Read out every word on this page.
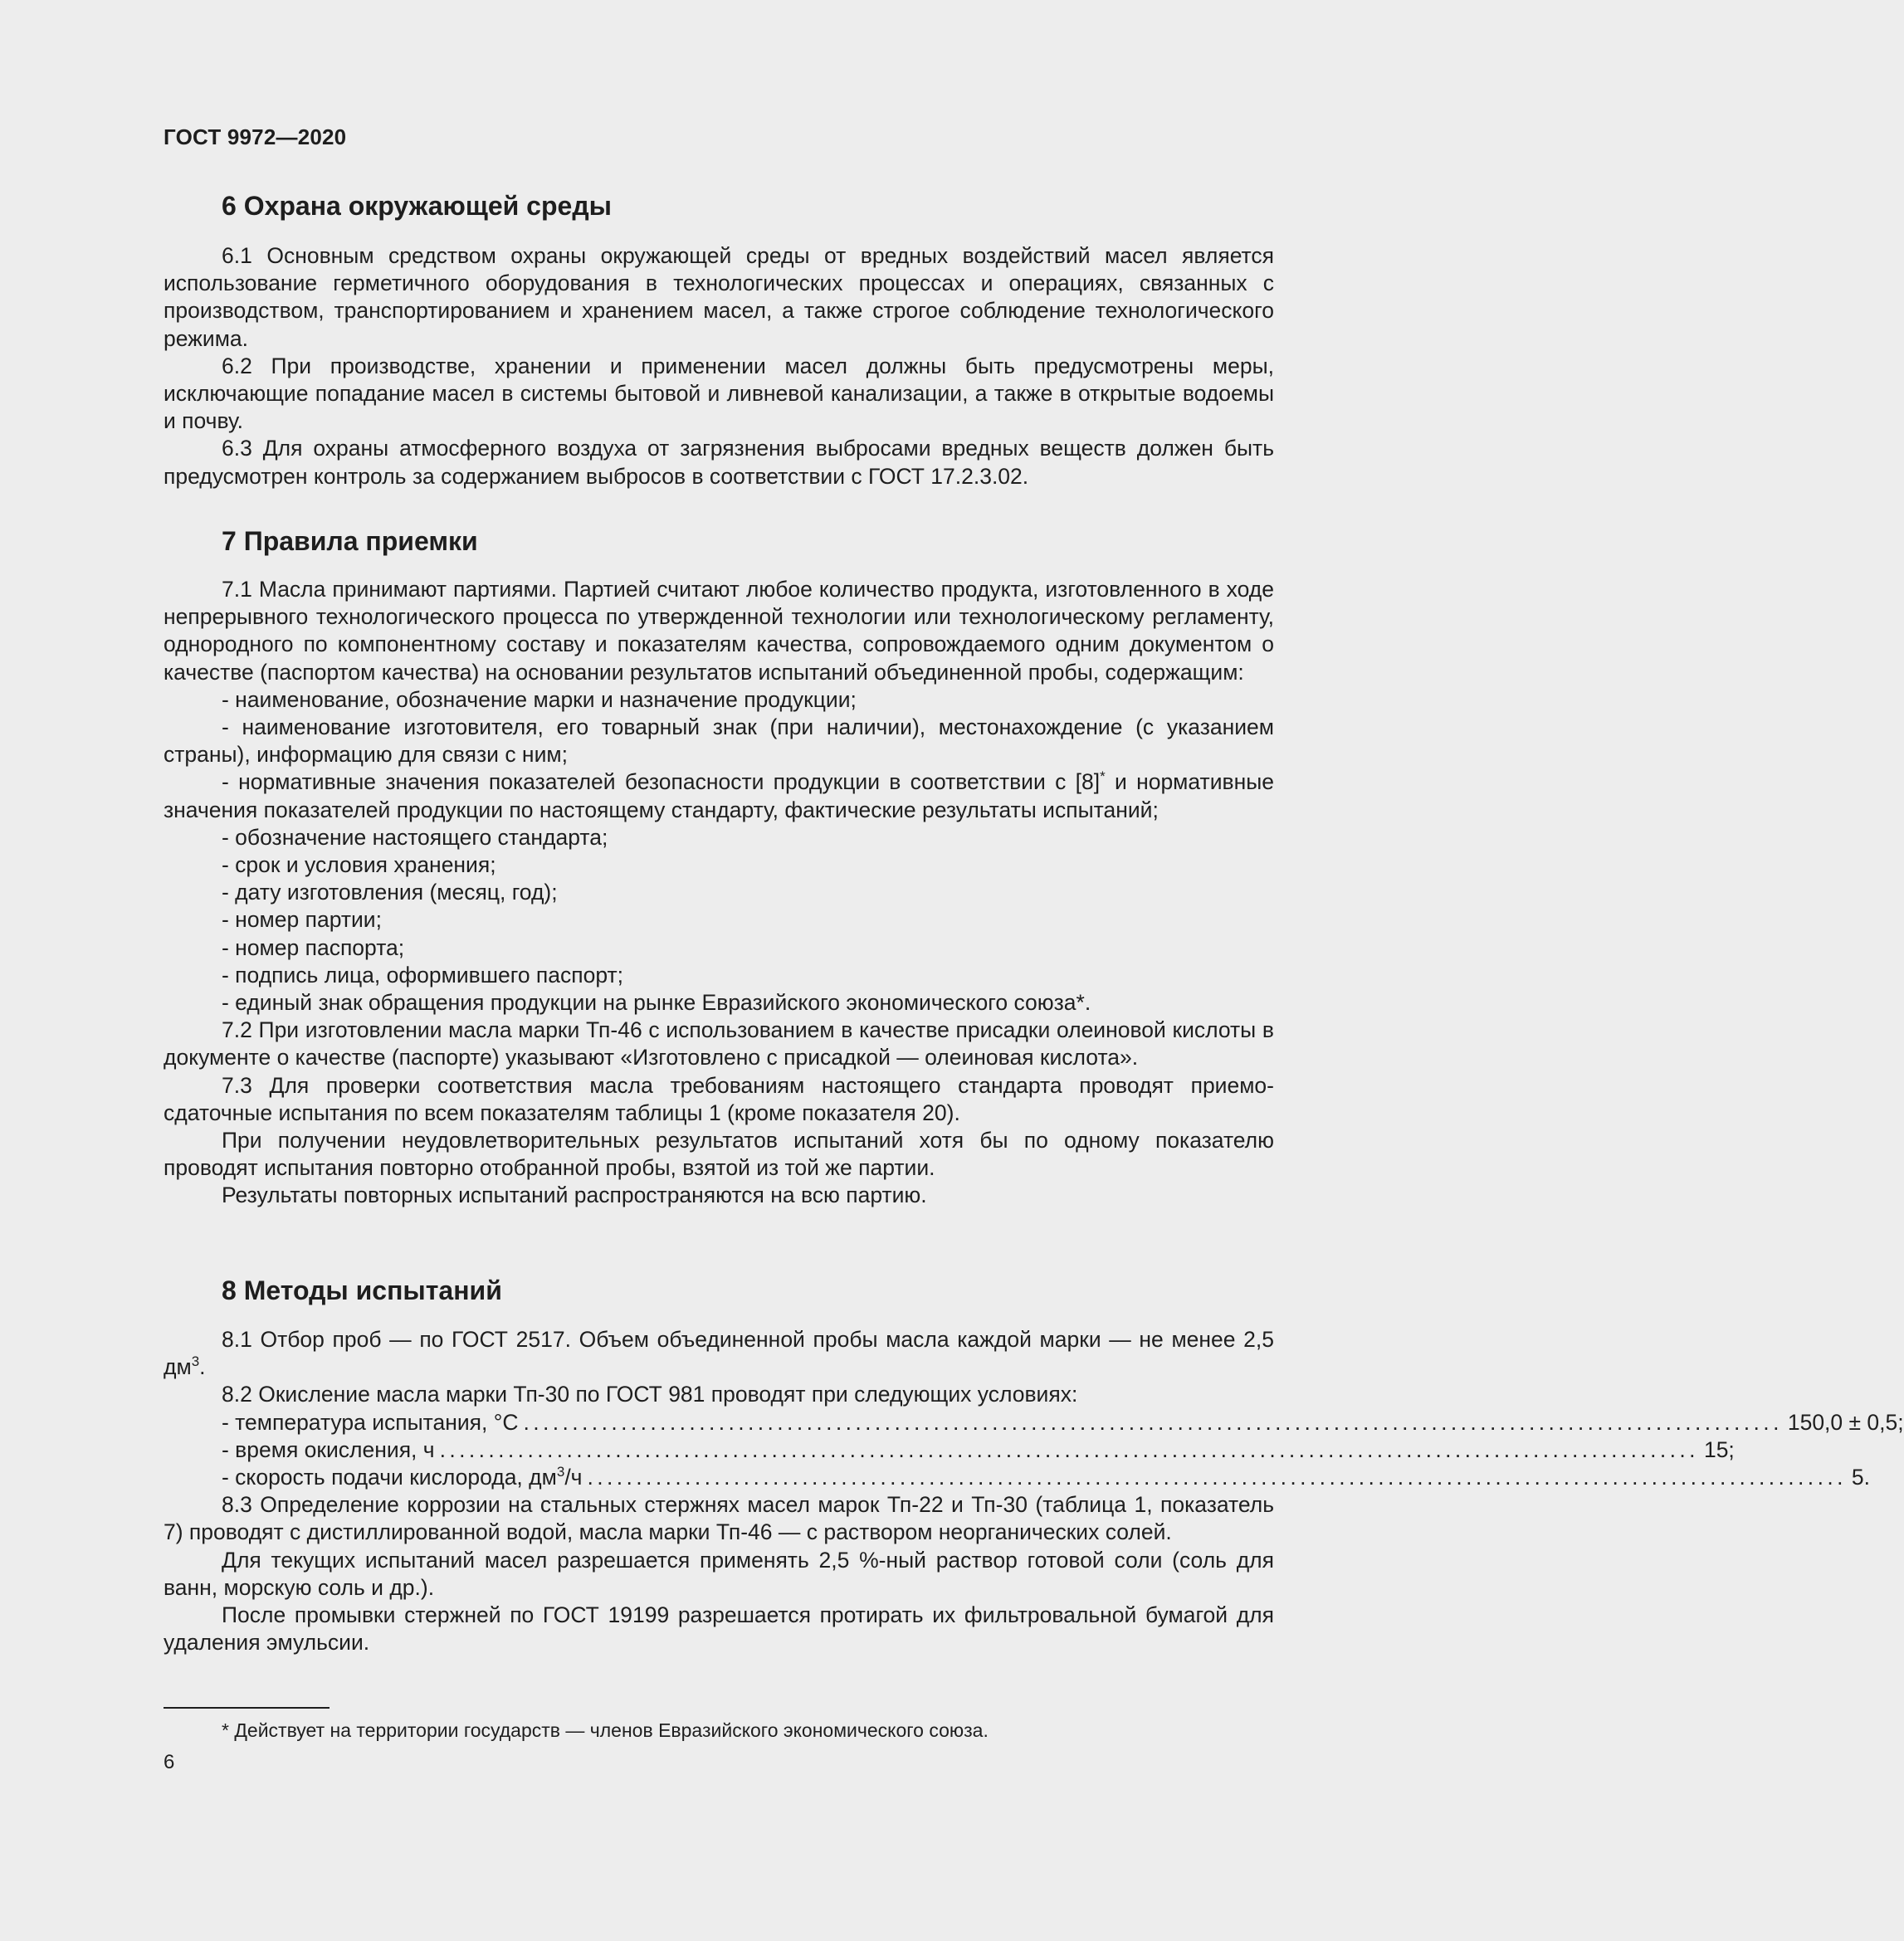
ГОСТ 9972—2020
6 Охрана окружающей среды

6.1 Основным средством охраны окружающей среды от вредных воздействий масел является использование герметичного оборудования в технологических процессах и операциях, связанных с производством, транспортированием и хранением масел, а также строгое соблюдение технологического режима.

6.2 При производстве, хранении и применении масел должны быть предусмотрены меры, исключающие попадание масел в системы бытовой и ливневой канализации, а также в открытые водоемы и почву.

6.3 Для охраны атмосферного воздуха от загрязнения выбросами вредных веществ должен быть предусмотрен контроль за содержанием выбросов в соответствии с ГОСТ 17.2.3.02.

7 Правила приемки

7.1 Масла принимают партиями. Партией считают любое количество продукта, изготовленного в ходе непрерывного технологического процесса по утвержденной технологии или технологическому регламенту, однородного по компонентному составу и показателям качества, сопровождаемого одним документом о качестве (паспортом качества) на основании результатов испытаний объединенной пробы, содержащим:

- наименование, обозначение марки и назначение продукции;

- наименование изготовителя, его товарный знак (при наличии), местонахождение (с указанием страны), информацию для связи с ним;

- нормативные значения показателей безопасности продукции в соответствии с [8]* и нормативные значения показателей продукции по настоящему стандарту, фактические результаты испытаний;

- обозначение настоящего стандарта;

- срок и условия хранения;

- дату изготовления (месяц, год);

- номер партии;

- номер паспорта;

- подпись лица, оформившего паспорт;

- единый знак обращения продукции на рынке Евразийского экономического союза*.

7.2 При изготовлении масла марки Тп-46 с использованием в качестве присадки олеиновой кислоты в документе о качестве (паспорте) указывают «Изготовлено с присадкой — олеиновая кислота».

7.3 Для проверки соответствия масла требованиям настоящего стандарта проводят приемо-сдаточные испытания по всем показателям таблицы 1 (кроме показателя 20).

При получении неудовлетворительных результатов испытаний хотя бы по одному показателю проводят испытания повторно отобранной пробы, взятой из той же партии.

Результаты повторных испытаний распространяются на всю партию.

8 Методы испытаний

8.1 Отбор проб — по ГОСТ 2517. Объем объединенной пробы масла каждой марки — не менее 2,5 $дм^3$.

8.2 Окисление масла марки Тп-30 по ГОСТ 981 проводят при следующих условиях:

- температура испытания, °С ................................................................................................................................. 150,0 ± 0,5;
- время окисления, ч ................................................................................................................................. 15;
- скорость подачи кислорода, $дм^3/ч$ ................................................................................................................................. 5.

8.3 Определение коррозии на стальных стержнях масел марок Тп-22 и Тп-30 (таблица 1, показатель 7) проводят с дистиллированной водой, масла марки Тп-46 — с раствором неорганических солей.

Для текущих испытаний масел разрешается применять 2,5 %-ный раствор готовой соли (соль для ванн, морскую соль и др.).

После промывки стержней по ГОСТ 19199 разрешается протирать их фильтровальной бумагой для удаления эмульсии.

* Действует на территории государств — членов Евразийского экономического союза.
6
